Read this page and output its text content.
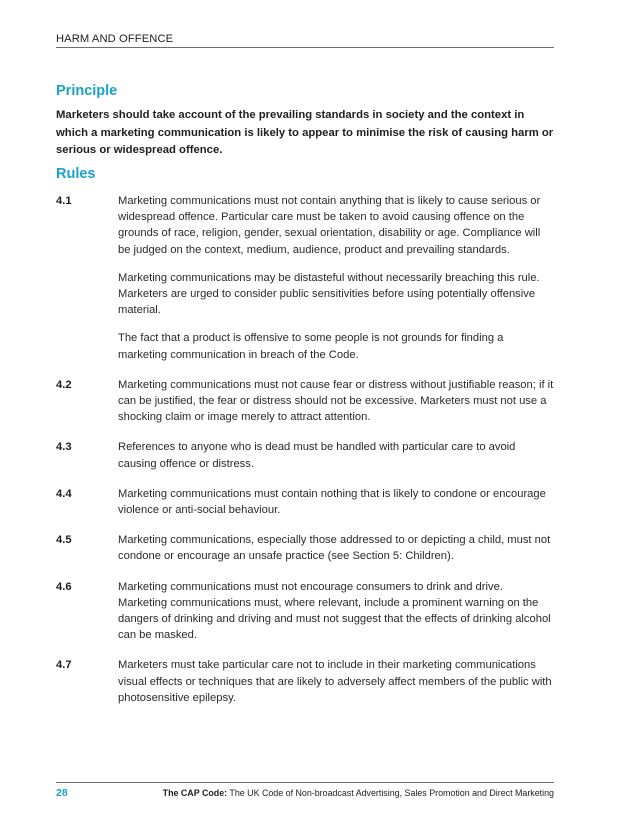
HARM AND OFFENCE
Principle
Marketers should take account of the prevailing standards in society and the context in which a marketing communication is likely to appear to minimise the risk of causing harm or serious or widespread offence.
Rules
4.1	Marketing communications must not contain anything that is likely to cause serious or widespread offence. Particular care must be taken to avoid causing offence on the grounds of race, religion, gender, sexual orientation, disability or age. Compliance will be judged on the context, medium, audience, product and prevailing standards.

Marketing communications may be distasteful without necessarily breaching this rule. Marketers are urged to consider public sensitivities before using potentially offensive material.

The fact that a product is offensive to some people is not grounds for finding a marketing communication in breach of the Code.

4.2	Marketing communications must not cause fear or distress without justifiable reason; if it can be justified, the fear or distress should not be excessive. Marketers must not use a shocking claim or image merely to attract attention.

4.3	References to anyone who is dead must be handled with particular care to avoid causing offence or distress.

4.4	Marketing communications must contain nothing that is likely to condone or encourage violence or anti-social behaviour.

4.5	Marketing communications, especially those addressed to or depicting a child, must not condone or encourage an unsafe practice (see Section 5: Children).

4.6	Marketing communications must not encourage consumers to drink and drive. Marketing communications must, where relevant, include a prominent warning on the dangers of drinking and driving and must not suggest that the effects of drinking alcohol can be masked.

4.7	Marketers must take particular care not to include in their marketing communications visual effects or techniques that are likely to adversely affect members of the public with photosensitive epilepsy.

28	The CAP Code: The UK Code of Non-broadcast Advertising, Sales Promotion and Direct Marketing
